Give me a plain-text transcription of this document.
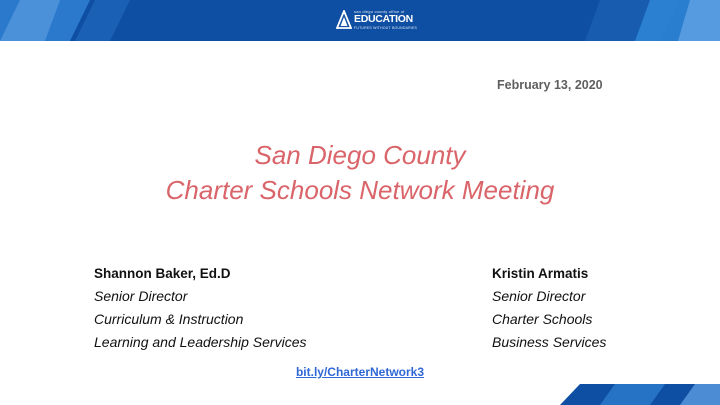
san diego county office of
EDUCATION
FUTURES WITHOUT BOUNDARIES
February 13, 2020
San Diego County
Charter Schools Network Meeting
Shannon Baker, Ed.D
Senior Director
Curriculum & Instruction
Learning and Leadership Services
Kristin Armatis
Senior Director
Charter Schools
Business Services
bit.ly/CharterNetwork3
